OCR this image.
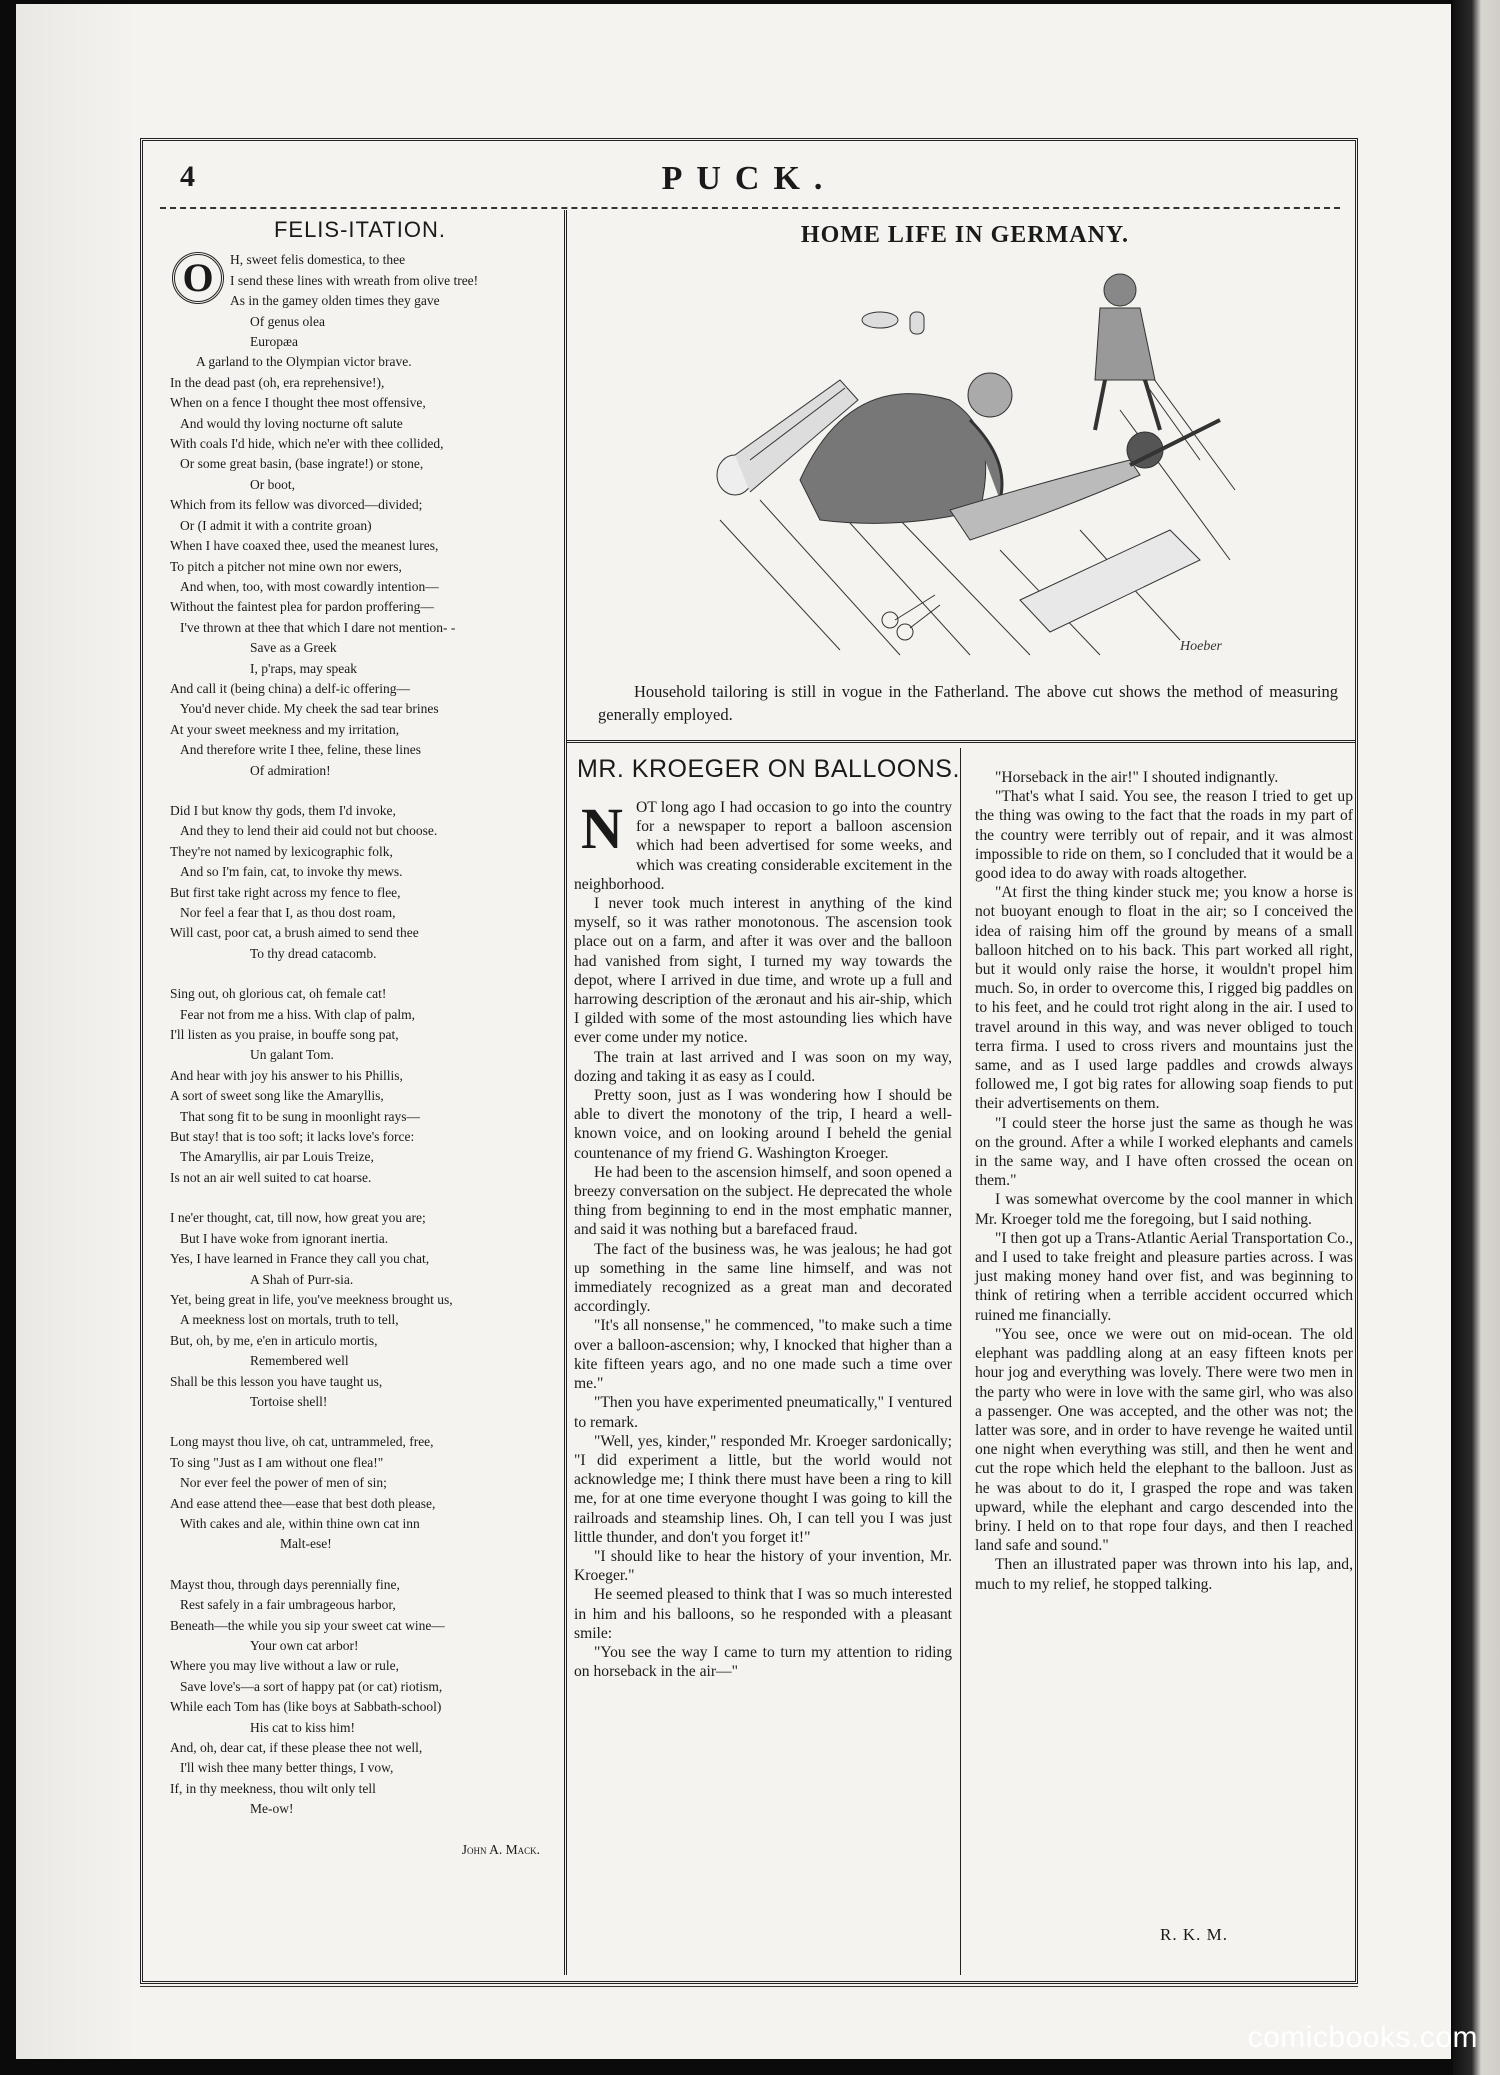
4	PUCK.
FELIS-ITATION.
O	H, sweet felis domestica, to thee
I send these lines with wreath from olive tree!
As in the gamey olden times they gave
Of genus olea
Europæa
A garland to the Olympian victor brave.
In the dead past (oh, era reprehensive!),
When on a fence I thought thee most offensive,
And would thy loving nocturne oft salute
With coals I'd hide, which ne'er with thee collided,
Or some great basin, (base ingrate!) or stone,
Or boot,
Which from its fellow was divorced—divided;
Or (I admit it with a contrite groan)
When I have coaxed thee, used the meanest lures,
To pitch a pitcher not mine own nor ewers,
And when, too, with most cowardly intention—
Without the faintest plea for pardon proffering—
I've thrown at thee that which I dare not mention- -
Save as a Greek
I, p'raps, may speak
And call it (being china) a delf-ic offering—
You'd never chide. My cheek the sad tear brines
At your sweet meekness and my irritation,
And therefore write I thee, feline, these lines
Of admiration!
Did I but know thy gods, them I'd invoke,
And they to lend their aid could not but choose.
They're not named by lexicographic folk,
And so I'm fain, cat, to invoke thy mews.
But first take right across my fence to flee,
Nor feel a fear that I, as thou dost roam,
Will cast, poor cat, a brush aimed to send thee
To thy dread catacomb.
Sing out, oh glorious cat, oh female cat!
Fear not from me a hiss. With clap of palm,
I'll listen as you praise, in bouffe song pat,
Un galant Tom.
And hear with joy his answer to his Phillis,
A sort of sweet song like the Amaryllis,
That song fit to be sung in moonlight rays—
But stay! that is too soft; it lacks love's force:
The Amaryllis, air par Louis Treize,
Is not an air well suited to cat hoarse.
I ne'er thought, cat, till now, how great you are;
But I have woke from ignorant inertia.
Yes, I have learned in France they call you chat,
A Shah of Purr-sia.
Yet, being great in life, you've meekness brought us,
A meekness lost on mortals, truth to tell,
But, oh, by me, e'en in articulo mortis,
Remembered well
Shall be this lesson you have taught us,
Tortoise shell!
Long mayst thou live, oh cat, untrammeled, free,
To sing "Just as I am without one flea!"
Nor ever feel the power of men of sin;
And ease attend thee—ease that best doth please,
With cakes and ale, within thine own cat inn
Malt-ese!
Mayst thou, through days perennially fine,
Rest safely in a fair umbrageous harbor,
Beneath—the while you sip your sweet cat wine—
Your own cat arbor!
Where you may live without a law or rule,
Save love's—a sort of happy pat (or cat) riotism,
While each Tom has (like boys at Sabbath-school)
His cat to kiss him!
And, oh, dear cat, if these please thee not well,
I'll wish thee many better things, I vow,
If, in thy meekness, thou wilt only tell
Me-ow!
John A. Mack.
HOME LIFE IN GERMANY.
Hoeber
Household tailoring is still in vogue in the Fatherland. The above cut shows the method of measuring generally employed.
MR. KROEGER ON BALLOONS.

NOT long ago I had occasion to go into the country for a newspaper to report a balloon ascension which had been advertised for some weeks, and which was creating considerable excitement in the neighborhood.

I never took much interest in anything of the kind myself, so it was rather monotonous. The ascension took place out on a farm, and after it was over and the balloon had vanished from sight, I turned my way towards the depot, where I arrived in due time, and wrote up a full and harrowing description of the æronaut and his air-ship, which I gilded with some of the most astounding lies which have ever come under my notice.

The train at last arrived and I was soon on my way, dozing and taking it as easy as I could.

Pretty soon, just as I was wondering how I should be able to divert the monotony of the trip, I heard a well-known voice, and on looking around I beheld the genial countenance of my friend G. Washington Kroeger.

He had been to the ascension himself, and soon opened a breezy conversation on the subject. He deprecated the whole thing from beginning to end in the most emphatic manner, and said it was nothing but a barefaced fraud.

The fact of the business was, he was jealous; he had got up something in the same line himself, and was not immediately recognized as a great man and decorated accordingly.

"It's all nonsense," he commenced, "to make such a time over a balloon-ascension; why, I knocked that higher than a kite fifteen years ago, and no one made such a time over me."

"Then you have experimented pneumatically," I ventured to remark.

"Well, yes, kinder," responded Mr. Kroeger sardonically; "I did experiment a little, but the world would not acknowledge me; I think there must have been a ring to kill me, for at one time everyone thought I was going to kill the railroads and steamship lines. Oh, I can tell you I was just little thunder, and don't you forget it!"

"I should like to hear the history of your invention, Mr. Kroeger."

He seemed pleased to think that I was so much interested in him and his balloons, so he responded with a pleasant smile:

"You see the way I came to turn my attention to riding on horseback in the air—"

"Horseback in the air!" I shouted indignantly.

"That's what I said. You see, the reason I tried to get up the thing was owing to the fact that the roads in my part of the country were terribly out of repair, and it was almost impossible to ride on them, so I concluded that it would be a good idea to do away with roads altogether.

"At first the thing kinder stuck me; you know a horse is not buoyant enough to float in the air; so I conceived the idea of raising him off the ground by means of a small balloon hitched on to his back. This part worked all right, but it would only raise the horse, it wouldn't propel him much. So, in order to overcome this, I rigged big paddles on to his feet, and he could trot right along in the air. I used to travel around in this way, and was never obliged to touch terra firma. I used to cross rivers and mountains just the same, and as I used large paddles and crowds always followed me, I got big rates for allowing soap fiends to put their advertisements on them.

"I could steer the horse just the same as though he was on the ground. After a while I worked elephants and camels in the same way, and I have often crossed the ocean on them."

I was somewhat overcome by the cool manner in which Mr. Kroeger told me the foregoing, but I said nothing.

"I then got up a Trans-Atlantic Aerial Transportation Co., and I used to take freight and pleasure parties across. I was just making money hand over fist, and was beginning to think of retiring when a terrible accident occurred which ruined me financially.

"You see, once we were out on mid-ocean. The old elephant was paddling along at an easy fifteen knots per hour jog and everything was lovely. There were two men in the party who were in love with the same girl, who was also a passenger. One was accepted, and the other was not; the latter was sore, and in order to have revenge he waited until one night when everything was still, and then he went and cut the rope which held the elephant to the balloon. Just as he was about to do it, I grasped the rope and was taken upward, while the elephant and cargo descended into the briny. I held on to that rope four days, and then I reached land safe and sound."

Then an illustrated paper was thrown into his lap, and, much to my relief, he stopped talking.

R. K. M.
comicbooks.com
